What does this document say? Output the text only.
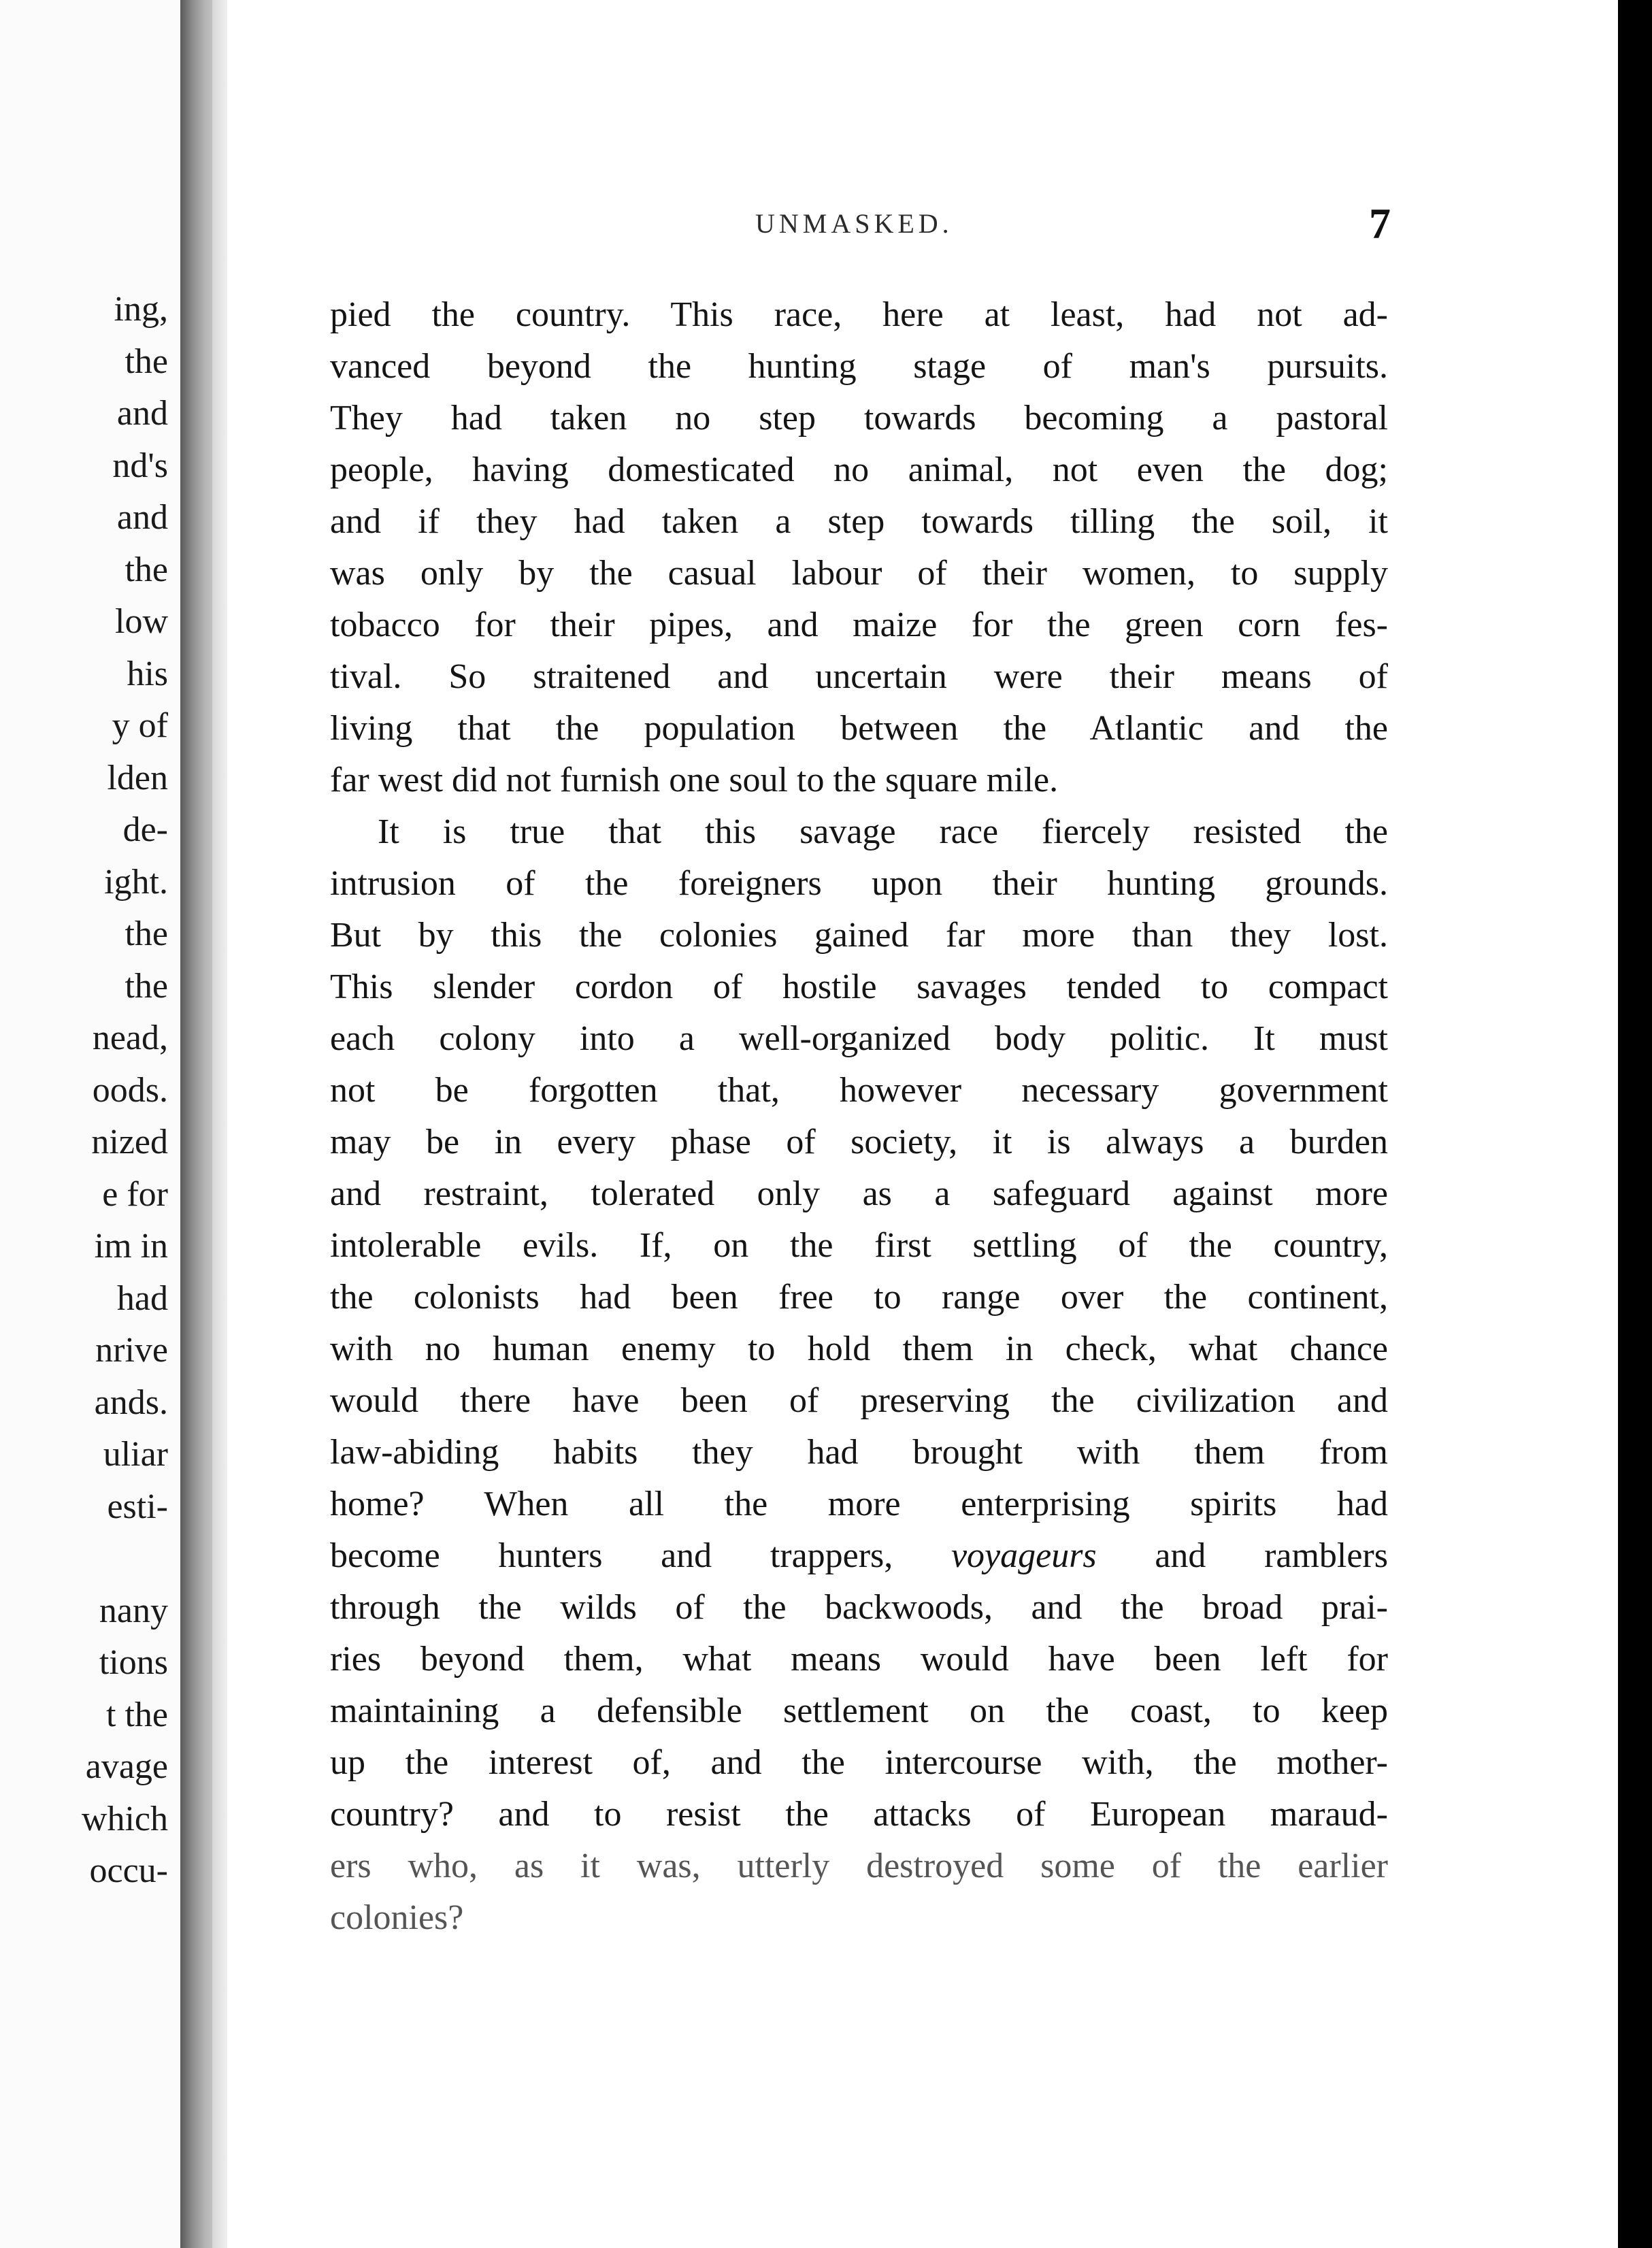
ing,
the
and
nd's
and
the
low
his
y of
lden
de-
ight.
the
the
nead,
oods.
nized
e for
im in
had
nrive
ands.
uliar
esti-
nany
tions
t the
avage
which
occu-
UNMASKED.	7
pied the country. This race, here at least, had not ad-
vanced beyond the hunting stage of man's pursuits.
They had taken no step towards becoming a pastoral
people, having domesticated no animal, not even the dog;
and if they had taken a step towards tilling the soil, it
was only by the casual labour of their women, to supply
tobacco for their pipes, and maize for the green corn fes-
tival. So straitened and uncertain were their means of
living that the population between the Atlantic and the
far west did not furnish one soul to the square mile.
It is true that this savage race fiercely resisted the
intrusion of the foreigners upon their hunting grounds.
But by this the colonies gained far more than they lost.
This slender cordon of hostile savages tended to compact
each colony into a well-organized body politic. It must
not be forgotten that, however necessary government
may be in every phase of society, it is always a burden
and restraint, tolerated only as a safeguard against more
intolerable evils. If, on the first settling of the country,
the colonists had been free to range over the continent,
with no human enemy to hold them in check, what chance
would there have been of preserving the civilization and
law-abiding habits they had brought with them from
home? When all the more enterprising spirits had
become hunters and trappers, voyageurs and ramblers
through the wilds of the backwoods, and the broad prai-
ries beyond them, what means would have been left for
maintaining a defensible settlement on the coast, to keep
up the interest of, and the intercourse with, the mother-
country? and to resist the attacks of European maraud-
ers who, as it was, utterly destroyed some of the earlier
colonies?
